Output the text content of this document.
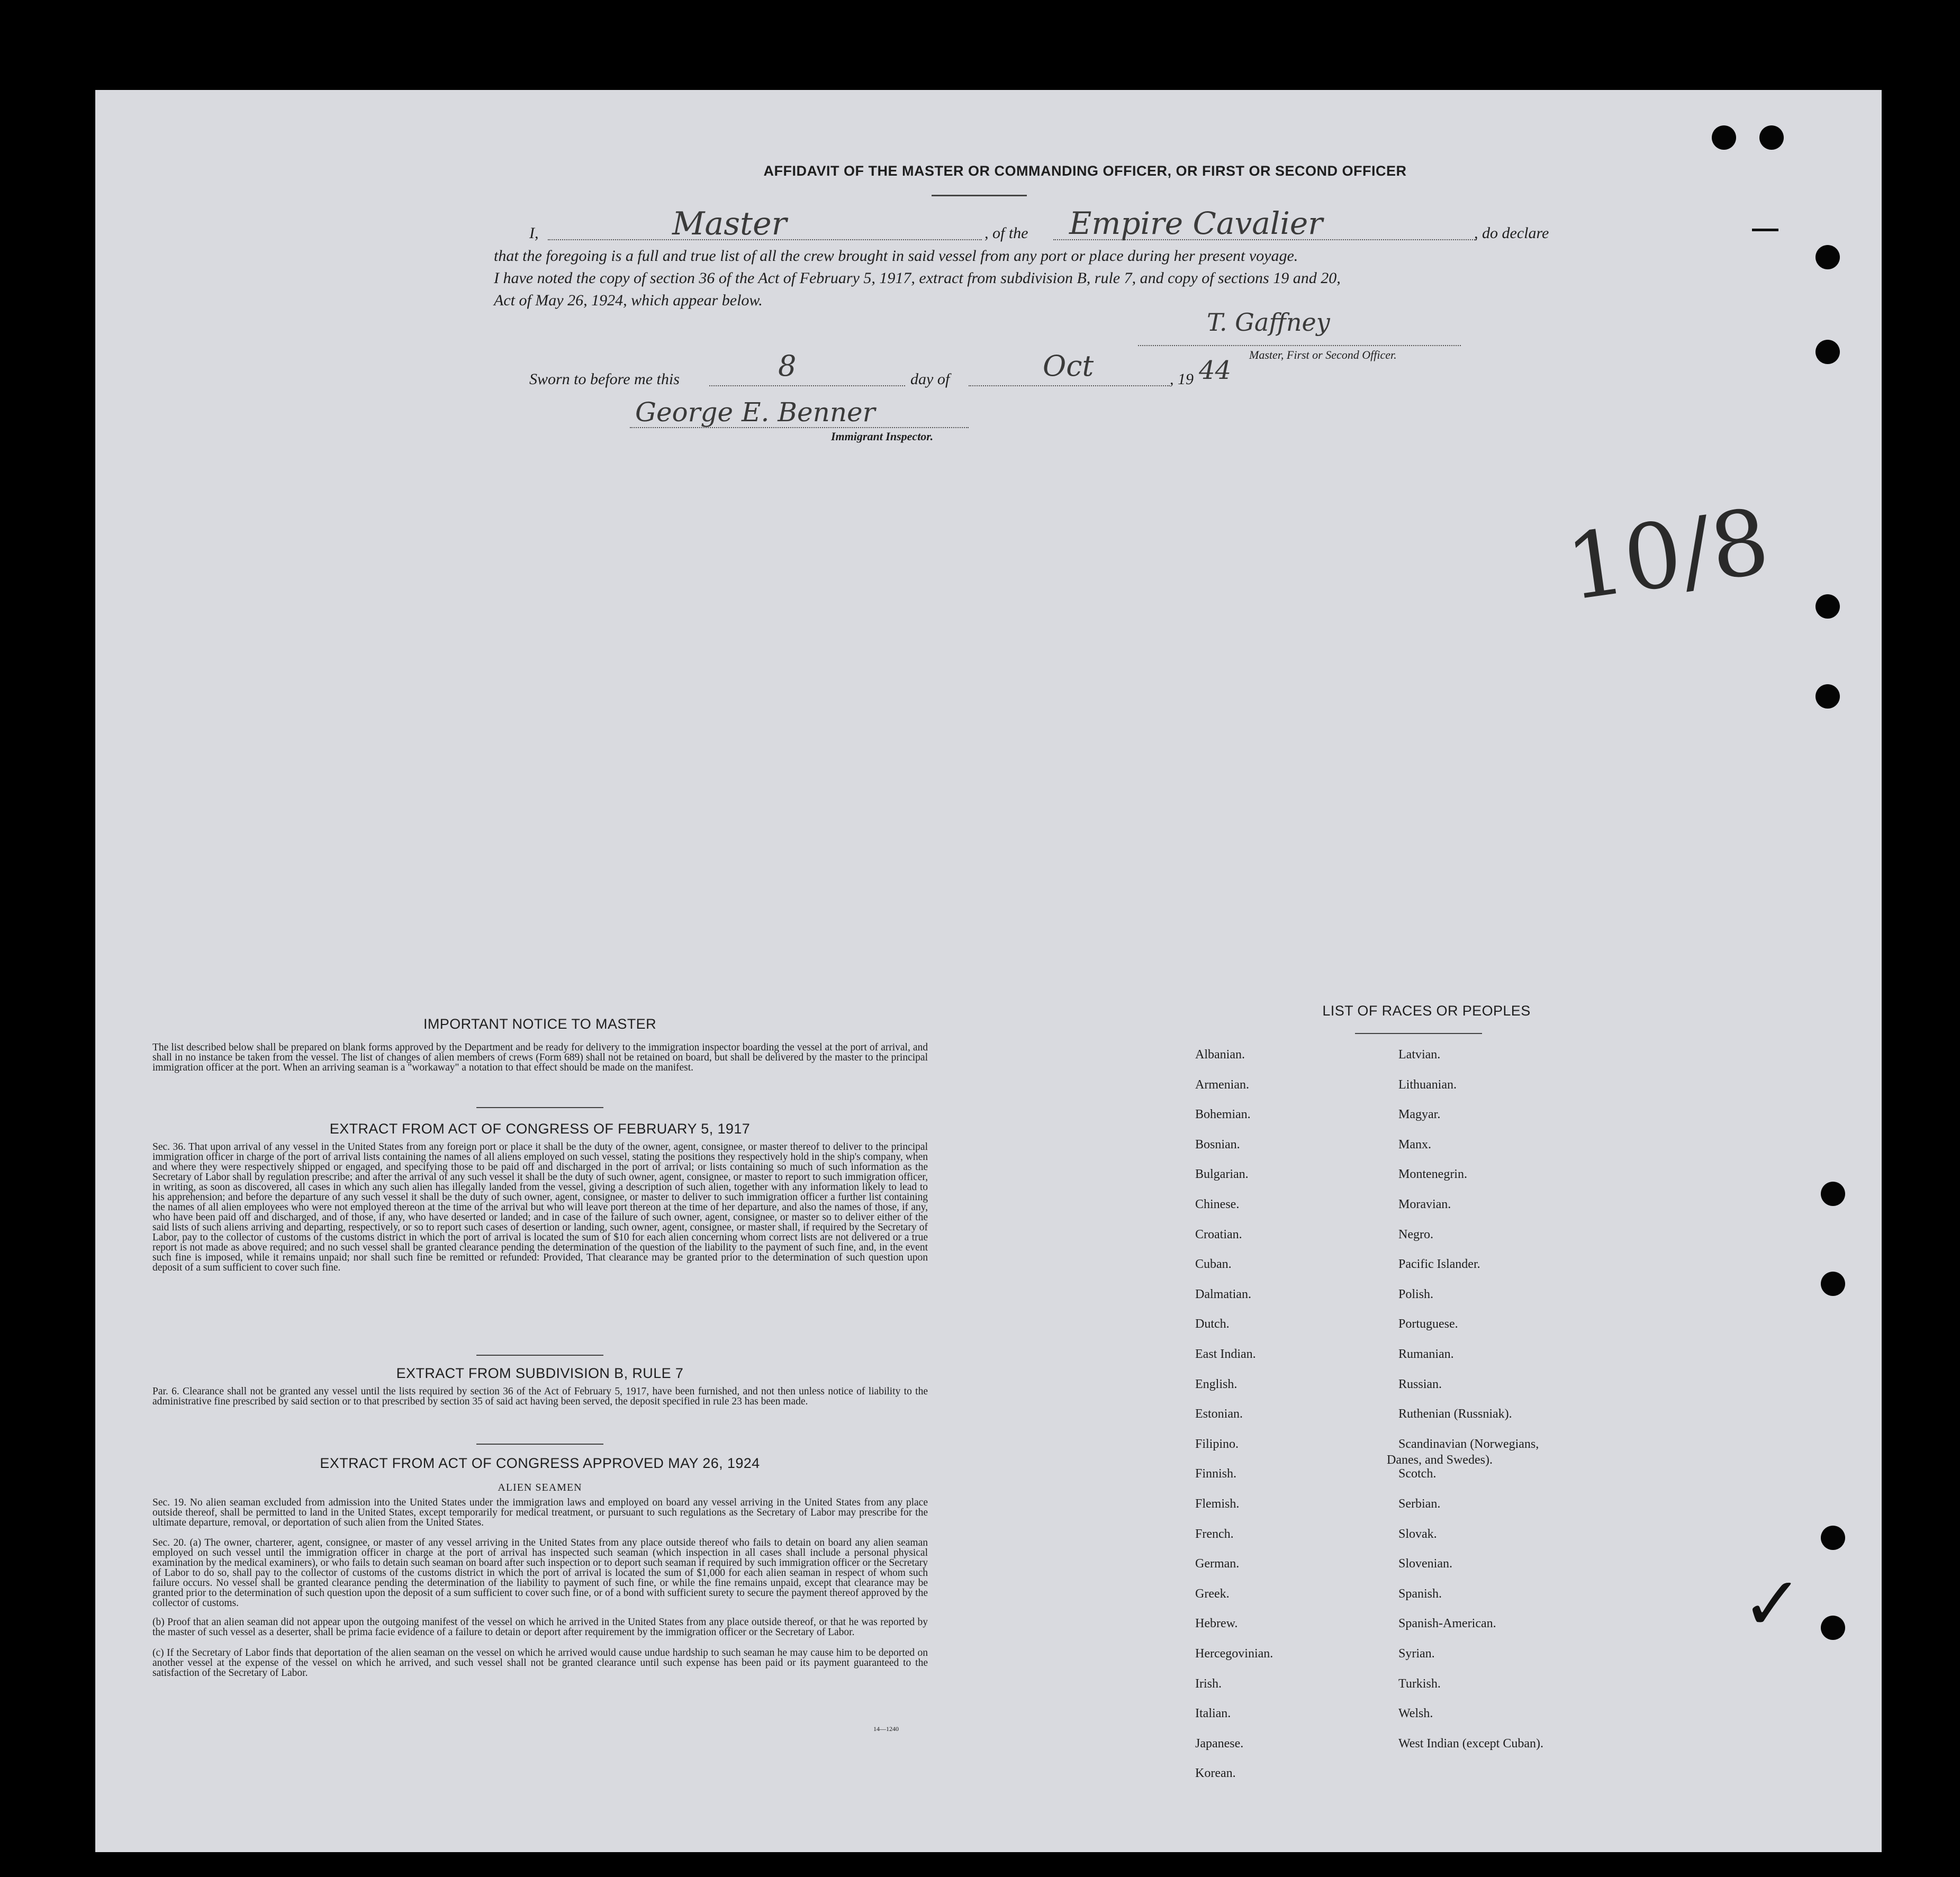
AFFIDAVIT OF THE MASTER OR COMMANDING OFFICER, OR FIRST OR SECOND OFFICER
I,	Master	, of the Empire Cavalier	, do declare
that the foregoing is a full and true list of all the crew brought in said vessel from any port or place during her present voyage.
I have noted the copy of section 36 of the Act of February 5, 1917, extract from subdivision B, rule 7, and copy of sections 19 and 20,
Act of May 26, 1924, which appear below.
T. Gaffney
Master, First or Second Officer.
Sworn to before me this	8	day of	Oct	, 19 44
George E. Benner
Immigrant Inspector.
10/8
✓
IMPORTANT NOTICE TO MASTER
The list described below shall be prepared on blank forms approved by the Department and be ready for delivery to the immigration inspector boarding the vessel at the port of arrival, and shall in no instance be taken from the vessel. The list of changes of alien members of crews (Form 689) shall not be retained on board, but shall be delivered by the master to the principal immigration officer at the port. When an arriving seaman is a "workaway" a notation to that effect should be made on the manifest.
EXTRACT FROM ACT OF CONGRESS OF FEBRUARY 5, 1917
Sec. 36. That upon arrival of any vessel in the United States from any foreign port or place it shall be the duty of the owner, agent, consignee, or master thereof to deliver to the principal immigration officer in charge of the port of arrival lists containing the names of all aliens employed on such vessel, stating the positions they respectively hold in the ship's company, when and where they were respectively shipped or engaged, and specifying those to be paid off and discharged in the port of arrival; or lists containing so much of such information as the Secretary of Labor shall by regulation prescribe; and after the arrival of any such vessel it shall be the duty of such owner, agent, consignee, or master to report to such immigration officer, in writing, as soon as discovered, all cases in which any such alien has illegally landed from the vessel, giving a description of such alien, together with any information likely to lead to his apprehension; and before the departure of any such vessel it shall be the duty of such owner, agent, consignee, or master to deliver to such immigration officer a further list containing the names of all alien employees who were not employed thereon at the time of the arrival but who will leave port thereon at the time of her departure, and also the names of those, if any, who have been paid off and discharged, and of those, if any, who have deserted or landed; and in case of the failure of such owner, agent, consignee, or master so to deliver either of the said lists of such aliens arriving and departing, respectively, or so to report such cases of desertion or landing, such owner, agent, consignee, or master shall, if required by the Secretary of Labor, pay to the collector of customs of the customs district in which the port of arrival is located the sum of $10 for each alien concerning whom correct lists are not delivered or a true report is not made as above required; and no such vessel shall be granted clearance pending the determination of the question of the liability to the payment of such fine, and, in the event such fine is imposed, while it remains unpaid; nor shall such fine be remitted or refunded: Provided, That clearance may be granted prior to the determination of such question upon deposit of a sum sufficient to cover such fine.
EXTRACT FROM SUBDIVISION B, RULE 7
Par. 6. Clearance shall not be granted any vessel until the lists required by section 36 of the Act of February 5, 1917, have been furnished, and not then unless notice of liability to the administrative fine prescribed by said section or to that prescribed by section 35 of said act having been served, the deposit specified in rule 23 has been made.
EXTRACT FROM ACT OF CONGRESS APPROVED MAY 26, 1924
ALIEN SEAMEN
Sec. 19. No alien seaman excluded from admission into the United States under the immigration laws and employed on board any vessel arriving in the United States from any place outside thereof, shall be permitted to land in the United States, except temporarily for medical treatment, or pursuant to such regulations as the Secretary of Labor may prescribe for the ultimate departure, removal, or deportation of such alien from the United States.
Sec. 20. (a) The owner, charterer, agent, consignee, or master of any vessel arriving in the United States from any place outside thereof who fails to detain on board any alien seaman employed on such vessel until the immigration officer in charge at the port of arrival has inspected such seaman (which inspection in all cases shall include a personal physical examination by the medical examiners), or who fails to detain such seaman on board after such inspection or to deport such seaman if required by such immigration officer or the Secretary of Labor to do so, shall pay to the collector of customs of the customs district in which the port of arrival is located the sum of $1,000 for each alien seaman in respect of whom such failure occurs. No vessel shall be granted clearance pending the determination of the liability to payment of such fine, or while the fine remains unpaid, except that clearance may be granted prior to the determination of such question upon the deposit of a sum sufficient to cover such fine, or of a bond with sufficient surety to secure the payment thereof approved by the collector of customs.
(b) Proof that an alien seaman did not appear upon the outgoing manifest of the vessel on which he arrived in the United States from any place outside thereof, or that he was reported by the master of such vessel as a deserter, shall be prima facie evidence of a failure to detain or deport after requirement by the immigration officer or the Secretary of Labor.
(c) If the Secretary of Labor finds that deportation of the alien seaman on the vessel on which he arrived would cause undue hardship to such seaman he may cause him to be deported on another vessel at the expense of the vessel on which he arrived, and such vessel shall not be granted clearance until such expense has been paid or its payment guaranteed to the satisfaction of the Secretary of Labor.
14—1240
LIST OF RACES OR PEOPLES
Albanian.
Armenian.
Bohemian.
Bosnian.
Bulgarian.
Chinese.
Croatian.
Cuban.
Dalmatian.
Dutch.
East Indian.
English.
Estonian.
Filipino.
Finnish.
Flemish.
French.
German.
Greek.
Hebrew.
Hercegovinian.
Irish.
Italian.
Japanese.
Korean.
Latvian.
Lithuanian.
Magyar.
Manx.
Montenegrin.
Moravian.
Negro.
Pacific Islander.
Polish.
Portuguese.
Rumanian.
Russian.
Ruthenian (Russniak).
Scandinavian (Norwegians,
Danes, and Swedes).
Scotch.
Serbian.
Slovak.
Slovenian.
Spanish.
Spanish-American.
Syrian.
Turkish.
Welsh.
West Indian (except Cuban).
